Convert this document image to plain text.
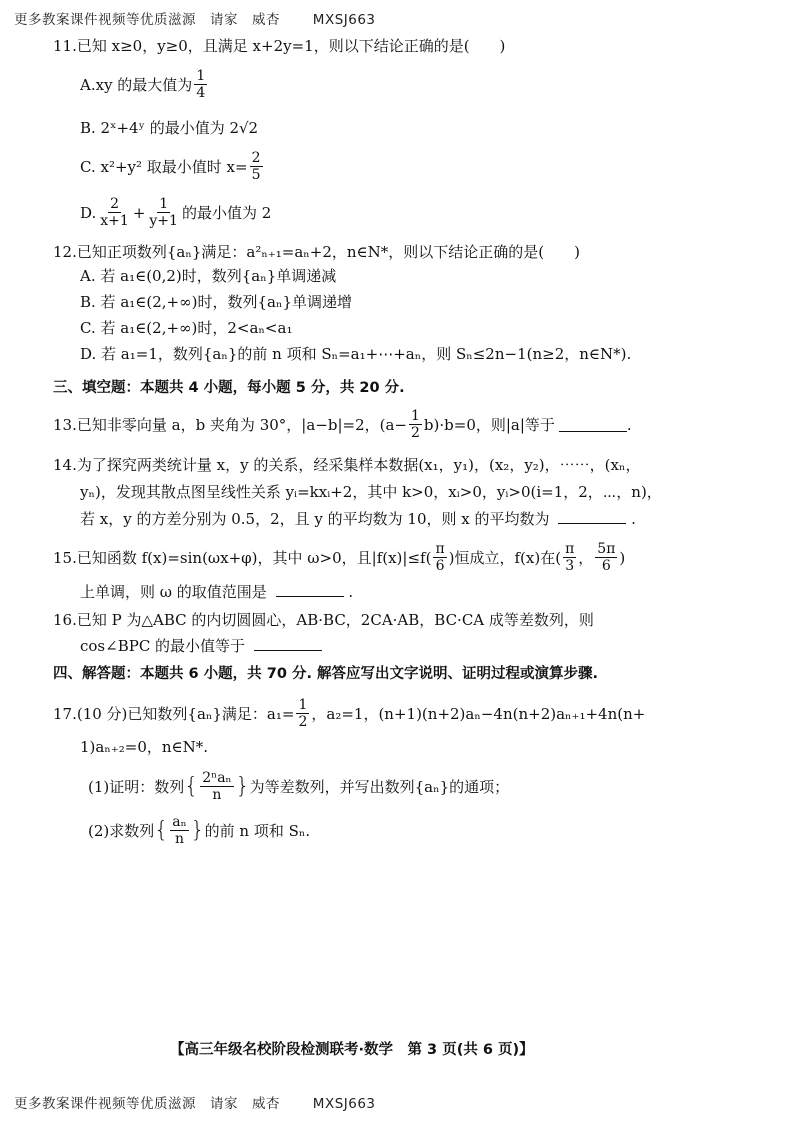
更多教案课件视频等优质滋源　请家　威杏 MXSJ663
11.已知 x≥0，y≥0，且满足 x+2y=1，则以下结论正确的是(　　)
A. xy 的最大值为 $\frac{1}{4}$
B. 2ˣ+4ʸ 的最小值为 2√2
C. x²+y² 取最小值时 $x= \frac{2}{5}$
D. $\frac{2}{x+1} + \frac{1}{y+1}$ 的最小值为 2
12.已知正项数列{aₙ}满足：a²ₙ₊₁=aₙ+2，n∈N*，则以下结论正确的是(　　)
A. 若 a₁∈(0,2)时，数列{aₙ}单调递减
B. 若 a₁∈(2,+∞)时，数列{aₙ}单调递增
C. 若 a₁∈(2,+∞)时，2<aₙ<a₁
D. 若 a₁=1，数列{aₙ}的前 n 项和 Sₙ=a₁+⋯+aₙ，则 Sₙ≤2n−1(n≥2，n∈N*).
三、填空题：本题共 4 小题，每小题 5 分，共 20 分.
13.已知非零向量 a，b 夹角为 30°，|a−b|=2，$(a- \frac{1}{2} b)\cdot b=0$，则|a|等于	.
14.为了探究两类统计量 x，y 的关系，经采集样本数据(x₁，y₁)，(x₂，y₂)，⋯⋯，(xₙ，
yₙ)，发现其散点图呈线性关系 yᵢ=kxᵢ+2，其中 k>0，xᵢ>0，yᵢ>0(i=1，2，⋯，n)，
若 x，y 的方差分别为 0.5，2，且 y 的平均数为 10，则 x 的平均数为	.
15.已知函数 f(x)=sin(ωx+φ)，其中 ω>0，且$|f(x)|\le f( \frac{\pi}{6}$ )恒成立，f(x)在( $\frac{\pi}{3}$ ， $\frac{5\pi}{6}$ )
上单调，则 ω 的取值范围是	.
16.已知 P 为△ABC 的内切圆圆心，AB·BC，2CA·AB，BC·CA 成等差数列，则
cos∠BPC 的最小值等于
四、解答题：本题共 6 小题，共 70 分. 解答应写出文字说明、证明过程或演算步骤.
17.(10 分)已知数列{aₙ}满足：$a_1= \frac{1}{2}$ ，a₂=1，(n+1)(n+2)aₙ−4n(n+2)aₙ₊₁+4n(n+
1)aₙ₊₂=0，n∈N*.
(1)证明：数列 { $\frac{\text{2ⁿaₙ}}{n}$ } 为等差数列，并写出数列{aₙ}的通项；
(2)求数列 { $\frac{\text{aₙ}}{n}$ } 的前 n 项和 Sₙ.
【高三年级名校阶段检测联考·数学　第 3 页(共 6 页)】
更多教案课件视频等优质滋源　请家　威杏 MXSJ663
